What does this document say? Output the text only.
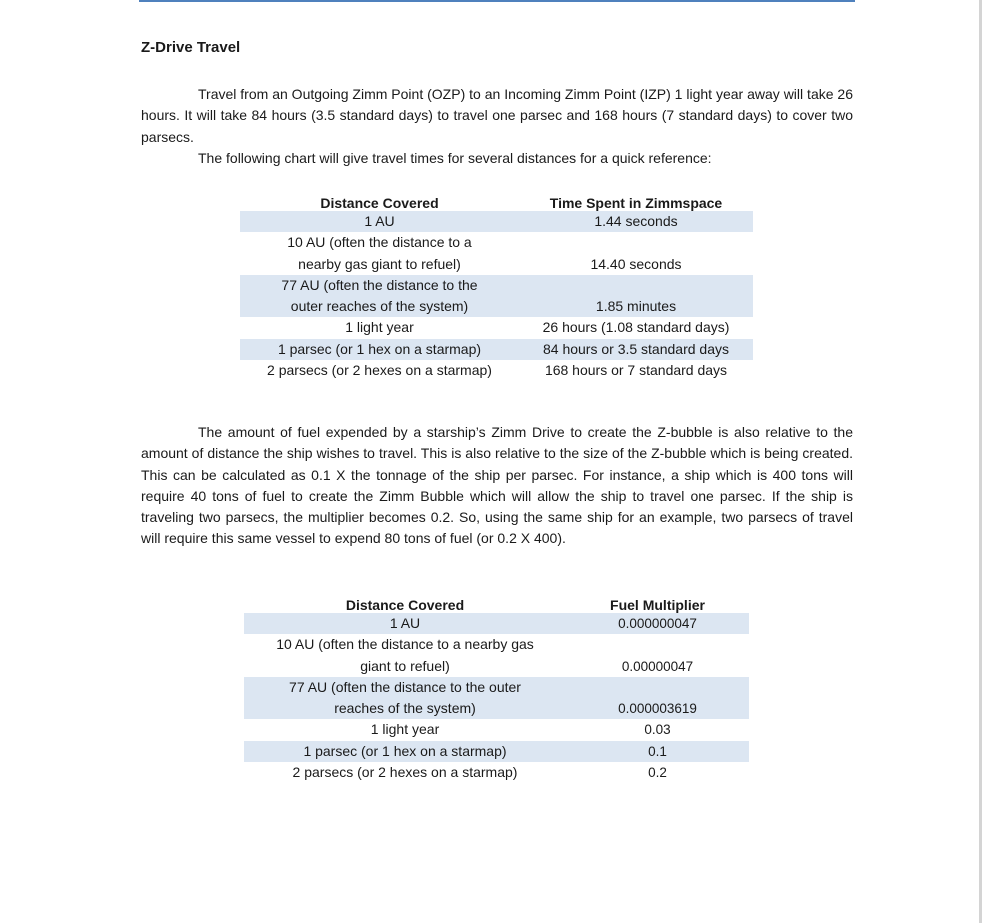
Z-Drive Travel

Travel from an Outgoing Zimm Point (OZP) to an Incoming Zimm Point (IZP) 1 light year away will take 26 hours. It will take 84 hours (3.5 standard days) to travel one parsec and 168 hours (7 standard days) to cover two parsecs.

The following chart will give travel times for several distances for a quick reference:

Distance Covered	Time Spent in Zimmspace
1 AU	1.44 seconds

10 AU (often the distance to a
nearby gas giant to refuel)	14.40 seconds

77 AU (often the distance to the
outer reaches of the system)	1.85 minutes
1 light year	26 hours (1.08 standard days)
1 parsec (or 1 hex on a starmap)	84 hours or 3.5 standard days
2 parsecs (or 2 hexes on a starmap)	168 hours or 7 standard days

The amount of fuel expended by a starship’s Zimm Drive to create the Z-bubble is also relative to the amount of distance the ship wishes to travel. This is also relative to the size of the Z-bubble which is being created. This can be calculated as 0.1 X the tonnage of the ship per parsec. For instance, a ship which is 400 tons will require 40 tons of fuel to create the Zimm Bubble which will allow the ship to travel one parsec. If the ship is traveling two parsecs, the multiplier becomes 0.2. So, using the same ship for an example, two parsecs of travel will require this same vessel to expend 80 tons of fuel (or 0.2 X 400).

Distance Covered	Fuel Multiplier
1 AU	0.000000047

10 AU (often the distance to a nearby gas
giant to refuel)	0.00000047

77 AU (often the distance to the outer
reaches of the system)	0.000003619
1 light year	0.03
1 parsec (or 1 hex on a starmap)	0.1
2 parsecs (or 2 hexes on a starmap)	0.2
